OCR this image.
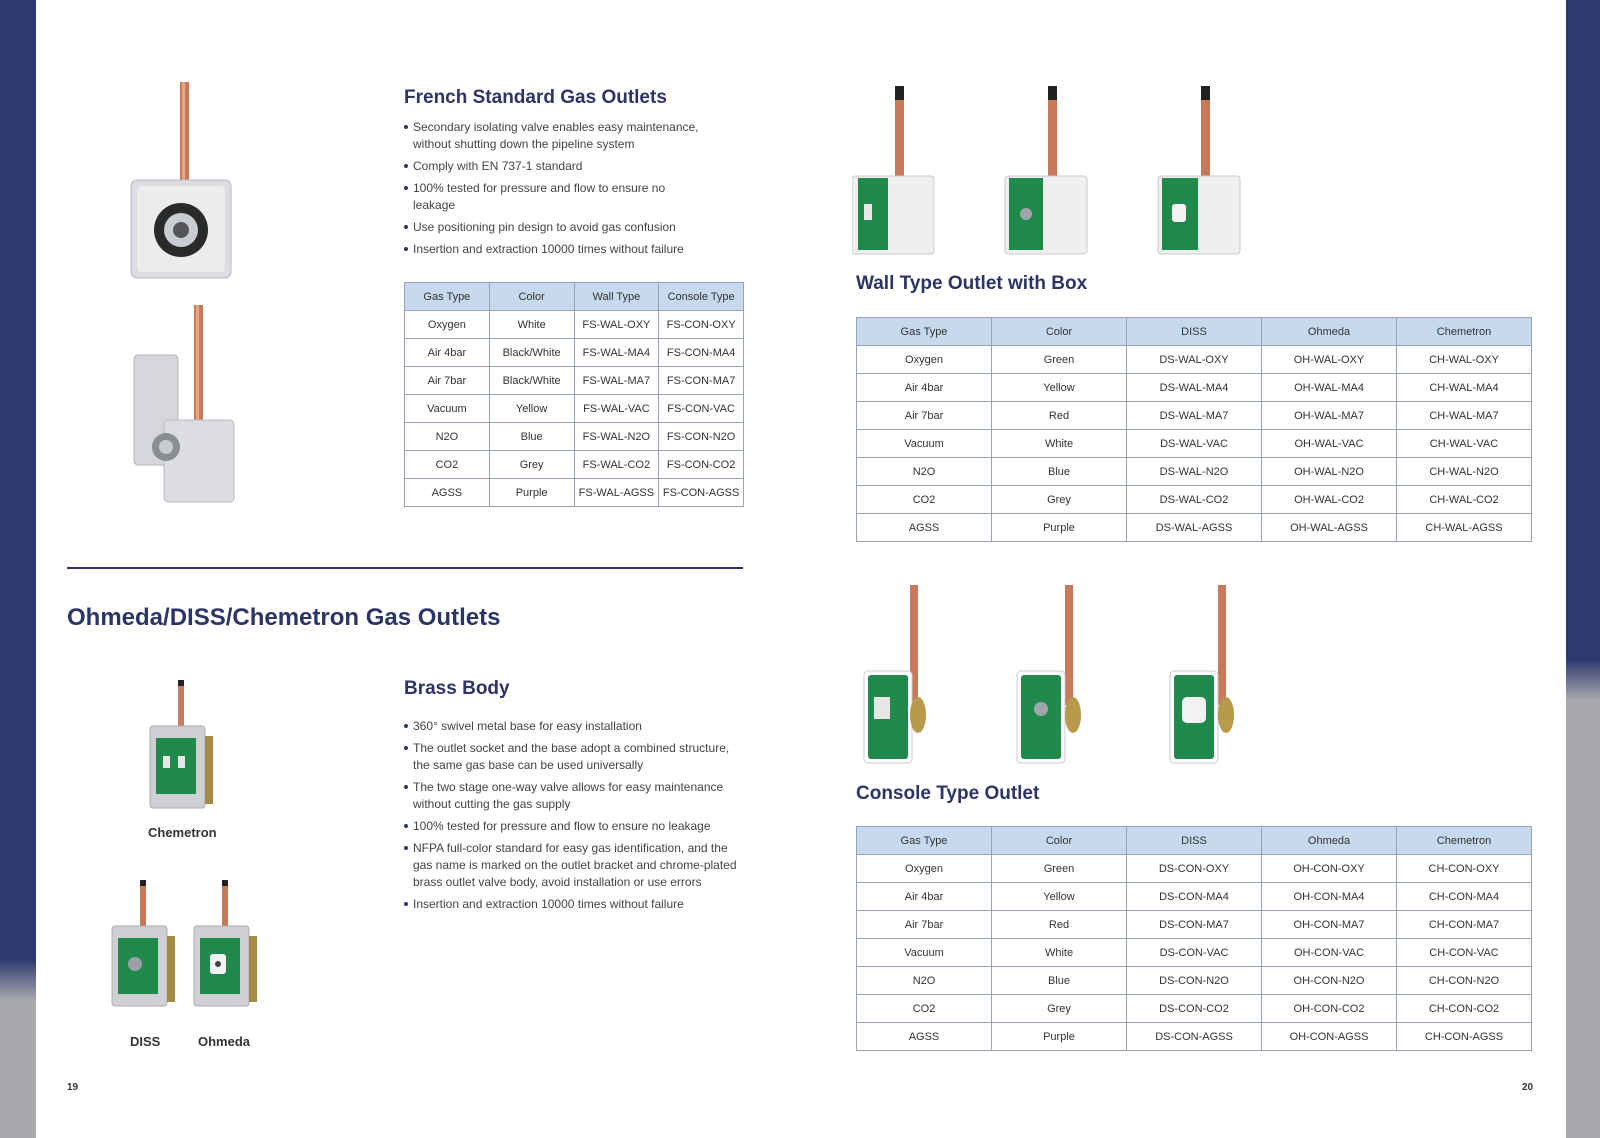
French Standard Gas Outlets
Secondary isolating valve enables easy maintenance, without shutting down the pipeline system
Comply with EN 737-1 standard
100% tested for pressure and flow to ensure no leakage
Use positioning pin design to avoid gas confusion
Insertion and extraction 10000 times without failure
Gas Type	Color	Wall Type	Console Type
Oxygen	White	FS-WAL-OXY	FS-CON-OXY
Air 4bar	Black/White	FS-WAL-MA4	FS-CON-MA4
Air 7bar	Black/White	FS-WAL-MA7	FS-CON-MA7
Vacuum	Yellow	FS-WAL-VAC	FS-CON-VAC
N2O	Blue	FS-WAL-N2O	FS-CON-N2O
CO2	Grey	FS-WAL-CO2	FS-CON-CO2
AGSS	Purple	FS-WAL-AGSS	FS-CON-AGSS
Ohmeda/DISS/Chemetron Gas Outlets
Brass Body
360° swivel metal base for easy installation
The outlet socket and the base adopt a combined structure, the same gas base can be used universally
The two stage one-way valve allows for easy maintenance without cutting the gas supply
100% tested for pressure and flow to ensure no leakage
NFPA full-color standard for easy gas identification, and the gas name is marked on the outlet bracket and chrome-plated brass outlet valve body, avoid installation or use errors
Insertion and extraction 10000 times without failure
Chemetron
DISS	Ohmeda
19
Wall Type Outlet with Box
Gas Type	Color	DISS	Ohmeda	Chemetron
Oxygen	Green	DS-WAL-OXY	OH-WAL-OXY	CH-WAL-OXY
Air 4bar	Yellow	DS-WAL-MA4	OH-WAL-MA4	CH-WAL-MA4
Air 7bar	Red	DS-WAL-MA7	OH-WAL-MA7	CH-WAL-MA7
Vacuum	White	DS-WAL-VAC	OH-WAL-VAC	CH-WAL-VAC
N2O	Blue	DS-WAL-N2O	OH-WAL-N2O	CH-WAL-N2O
CO2	Grey	DS-WAL-CO2	OH-WAL-CO2	CH-WAL-CO2
AGSS	Purple	DS-WAL-AGSS	OH-WAL-AGSS	CH-WAL-AGSS
Console Type Outlet
Gas Type	Color	DISS	Ohmeda	Chemetron
Oxygen	Green	DS-CON-OXY	OH-CON-OXY	CH-CON-OXY
Air 4bar	Yellow	DS-CON-MA4	OH-CON-MA4	CH-CON-MA4
Air 7bar	Red	DS-CON-MA7	OH-CON-MA7	CH-CON-MA7
Vacuum	White	DS-CON-VAC	OH-CON-VAC	CH-CON-VAC
N2O	Blue	DS-CON-N2O	OH-CON-N2O	CH-CON-N2O
CO2	Grey	DS-CON-CO2	OH-CON-CO2	CH-CON-CO2
AGSS	Purple	DS-CON-AGSS	OH-CON-AGSS	CH-CON-AGSS
20
